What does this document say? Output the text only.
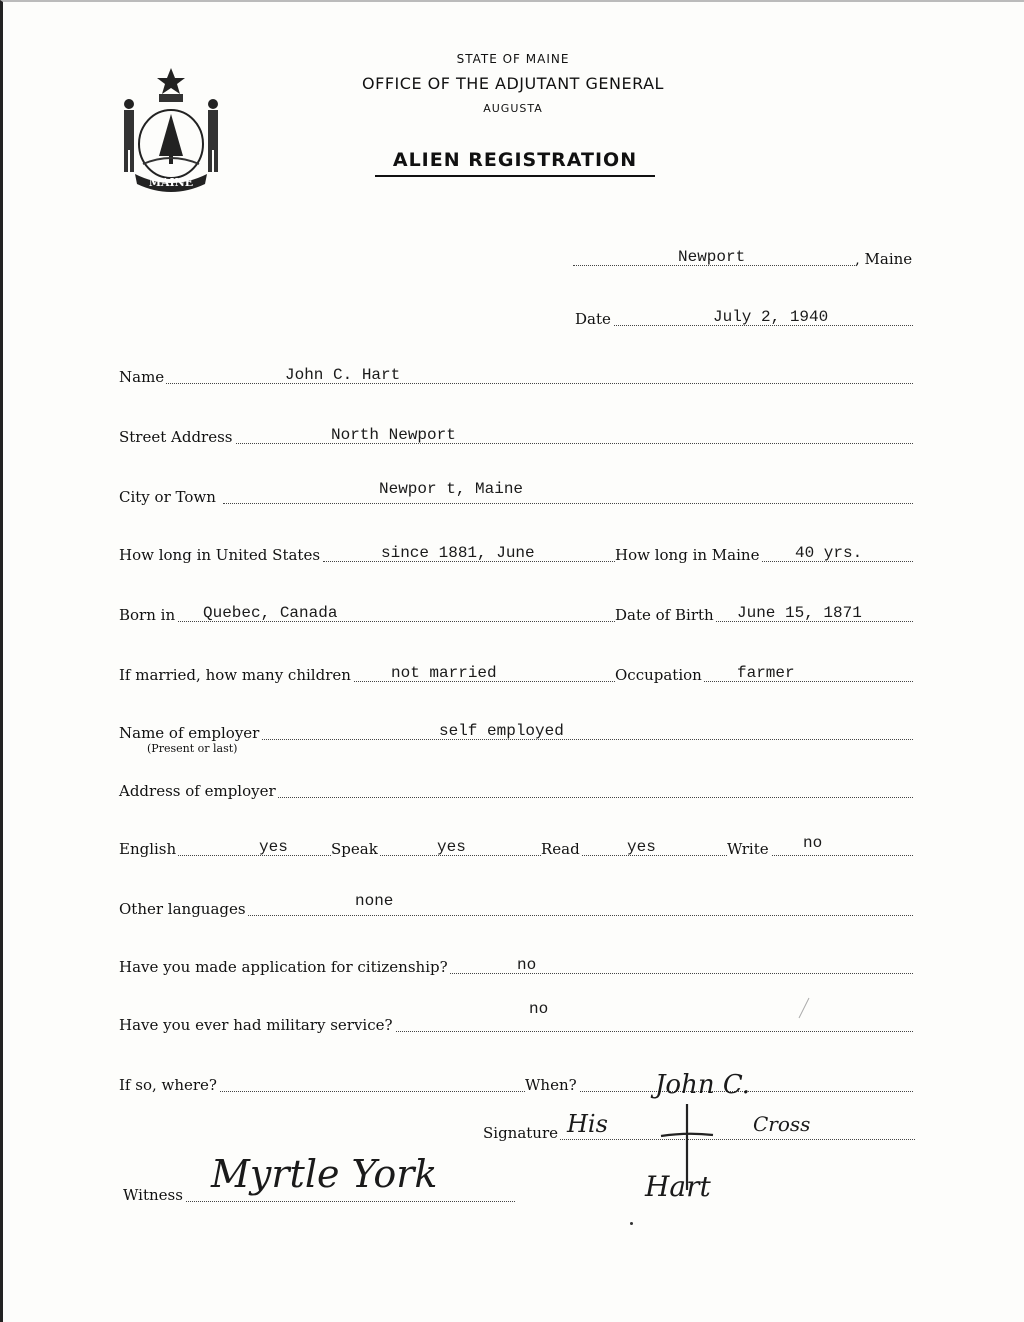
MAINE
STATE OF MAINE
OFFICE OF THE ADJUTANT GENERAL
AUGUSTA
ALIEN REGISTRATION
Newport	, Maine
Date	July 2, 1940
Name	John C. Hart
Street Address	North Newport
City or Town	Newpor t, Maine
How long in United States	since 1881, June	How long in Maine 40 yrs.
Born in Quebec, Canada	Date of Birth June 15, 1871
If married, how many children	not married	Occupation farmer
Name of employer	self employed
(Present or last)
Address of employer
English	yes	Speak	yes	Read	yes	Write no
Other languages	none
Have you made application for citizenship?	no
Have you ever had military service?
no
If so, where?	When?
Signature His
John C.
Cross
Hart
Witness Myrtle York
